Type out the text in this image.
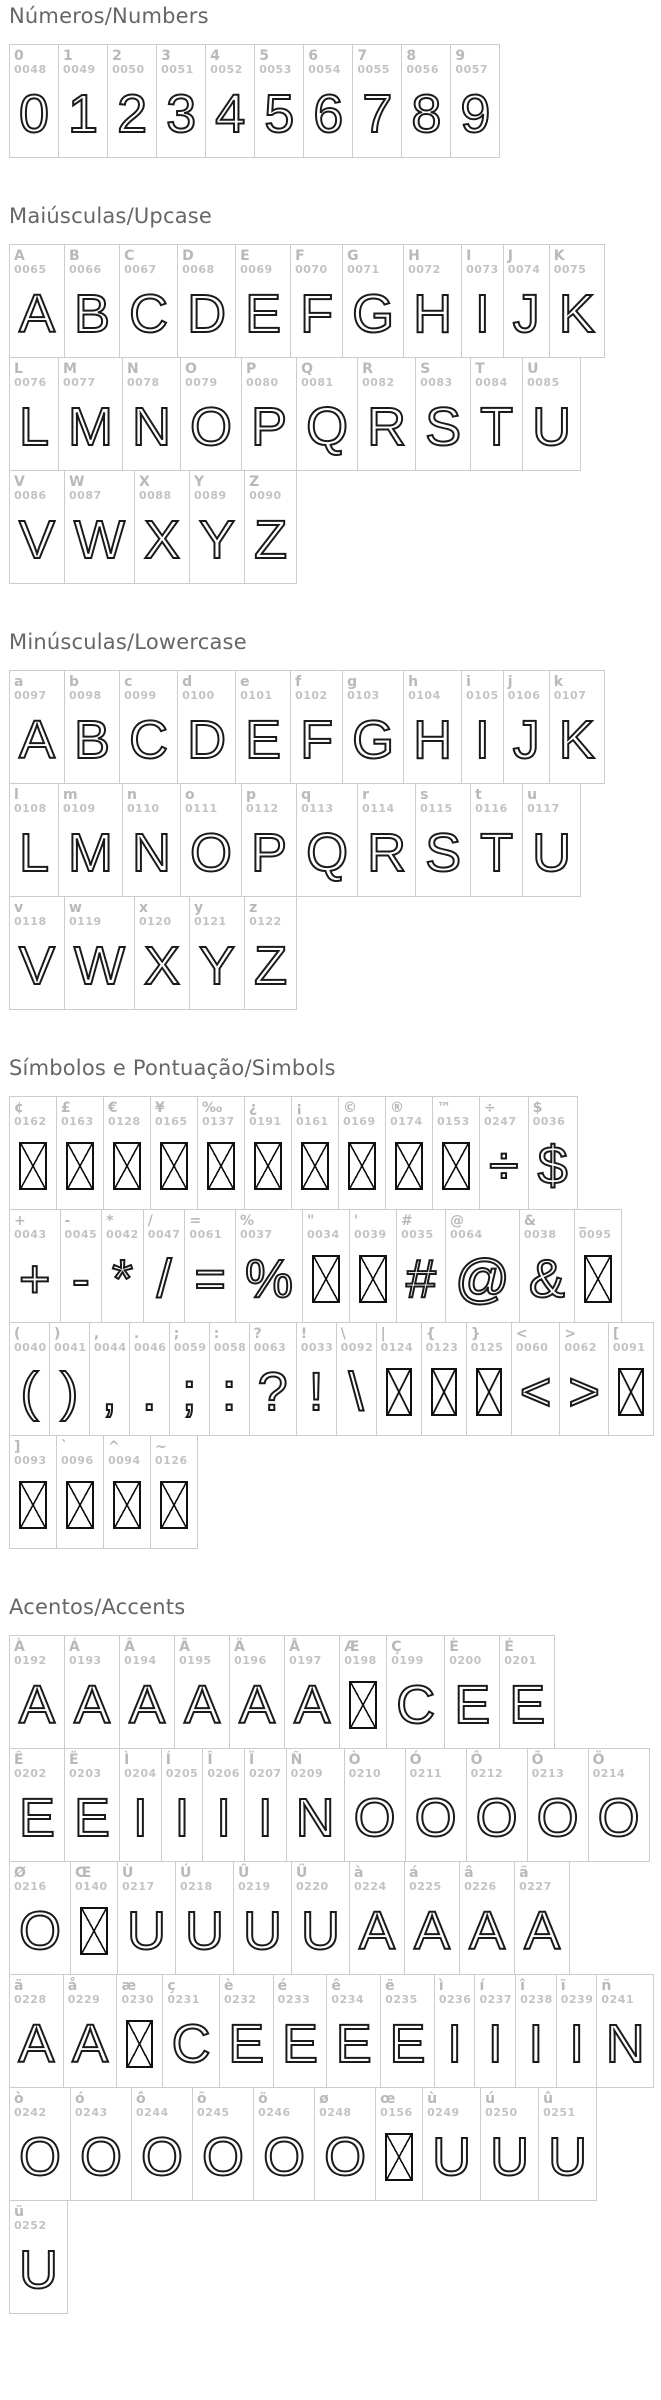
Números/Numbers
0
0048
0
1
0049
1
2
0050
2
3
0051
3
4
0052
4
5
0053
5
6
0054
6
7
0055
7
8
0056
8
9
0057
9
Maiúsculas/Upcase
A
0065
A
B
0066
B
C
0067
C
D
0068
D
E
0069
E
F
0070
F
G
0071
G
H
0072
H
I
0073
I
J
0074
J
K
0075
K
L
0076
L
M
0077
M
N
0078
N
O
0079
O
P
0080
P
Q
0081
Q
R
0082
R
S
0083
S
T
0084
T
U
0085
U
V
0086
V
W
0087
W
X
0088
X
Y
0089
Y
Z
0090
Z
Minúsculas/Lowercase
a
0097
A
b
0098
B
c
0099
C
d
0100
D
e
0101
E
f
0102
F
g
0103
G
h
0104
H
i
0105
I
j
0106
J
k
0107
K
l
0108
L
m
0109
M
n
0110
N
o
0111
O
p
0112
P
q
0113
Q
r
0114
R
s
0115
S
t
0116
T
u
0117
U
v
0118
V
w
0119
W
x
0120
X
y
0121
Y
z
0122
Z
Símbolos e Pontuação/Simbols
¢
0162
£
0163
€
0128
¥
0165
‰
0137
¿
0191
¡
0161
©
0169
®
0174
™
0153
÷
0247
÷
$
0036
$
+
0043
+
-
0045
-
*
0042
*
/
0047
/
=
0061
=
%
0037
%
"
0034
'
0039
#
0035
#
@
0064
@
&
0038
&
_
0095
(
0040
(
)
0041
)
,
0044
,
.
0046
.
;
0059
;
:
0058
:
?
0063
?
!
0033
!
\
0092
\
|
0124
{
0123
}
0125
<
0060
<
>
0062
>
[
0091
]
0093
`
0096
^
0094
~
0126
Acentos/Accents
À
0192
A
Á
0193
A
Â
0194
A
Ã
0195
A
Ä
0196
A
Å
0197
A
Æ
0198
Ç
0199
C
È
0200
E
É
0201
E
Ê
0202
E
Ë
0203
E
Ì
0204
I
Í
0205
I
Î
0206
I
Ï
0207
I
Ñ
0209
N
Ò
0210
O
Ó
0211
O
Ô
0212
O
Õ
0213
O
Ö
0214
O
Ø
0216
O
Œ
0140
Ù
0217
U
Ú
0218
U
Û
0219
U
Ü
0220
U
à
0224
A
á
0225
A
â
0226
A
ã
0227
A
ä
0228
A
å
0229
A
æ
0230
ç
0231
C
è
0232
E
é
0233
E
ê
0234
E
ë
0235
E
ì
0236
I
í
0237
I
î
0238
I
ï
0239
I
ñ
0241
N
ò
0242
O
ó
0243
O
ô
0244
O
õ
0245
O
ö
0246
O
ø
0248
O
œ
0156
ù
0249
U
ú
0250
U
û
0251
U
ü
0252
U
